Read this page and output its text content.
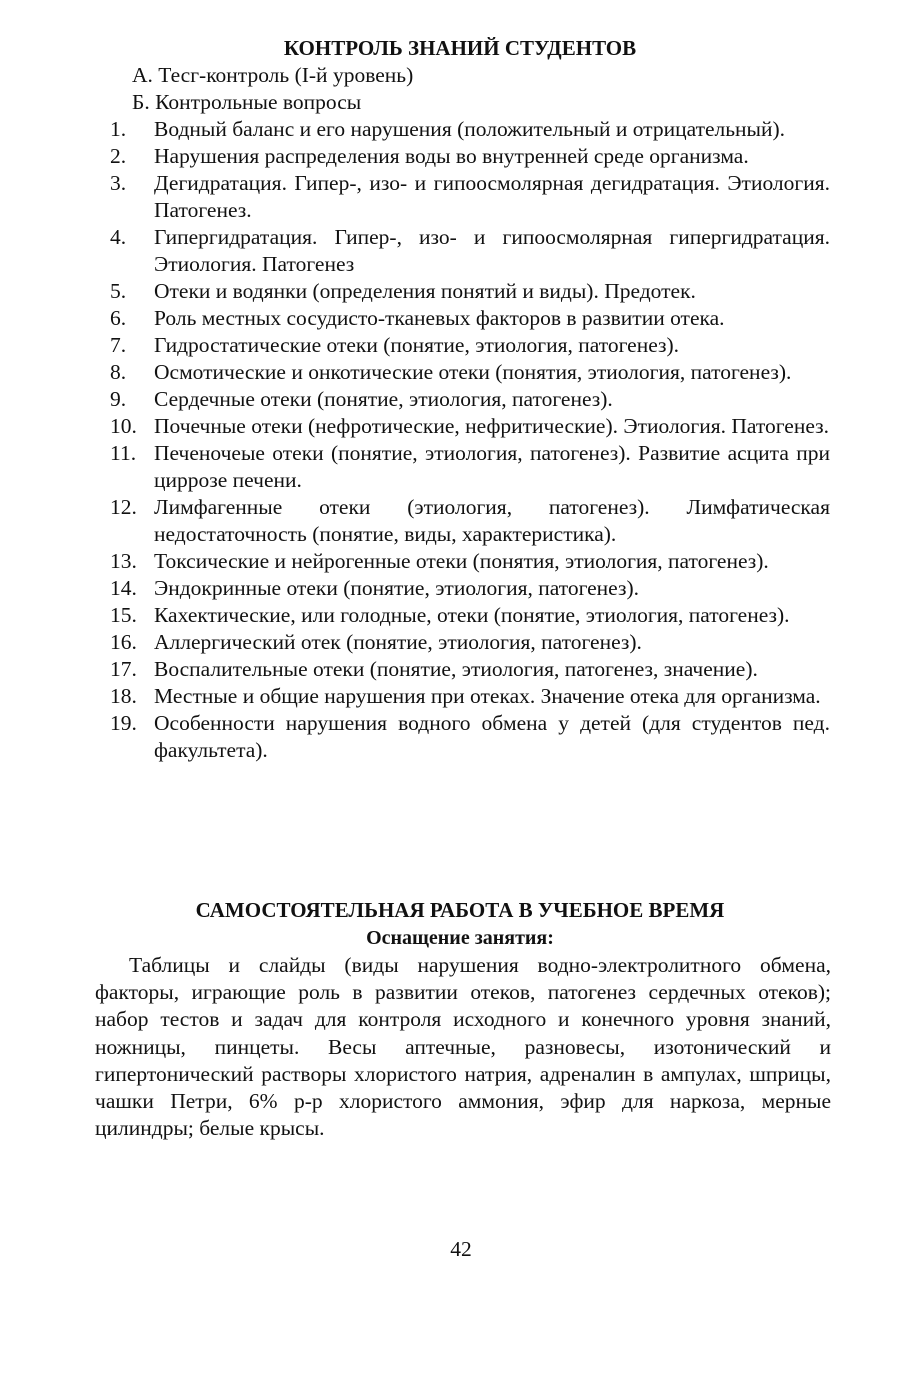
КОНТРОЛЬ ЗНАНИЙ СТУДЕНТОВ
А. Тесг-контроль (І-й уровень)
Б. Контрольные вопросы
1.	Водный баланс и его нарушения (положительный и отрицательный).
2.	Нарушения распределения воды во внутренней среде организма.
3.	Дегидратация. Гипер-, изо- и гипоосмолярная дегидратация. Этиология. Патогенез.
4.	Гипергидратация. Гипер-, изо- и гипоосмолярная гипергидратация. Этиология. Патогенез
5.	Отеки и водянки (определения понятий и виды). Предотек.
6.	Роль местных сосудисто-тканевых факторов в развитии отека.
7.	Гидростатические отеки (понятие, этиология, патогенез).
8.	Осмотические и онкотические отеки (понятия, этиология, патогенез).
9.	Сердечные отеки (понятие, этиология, патогенез).
10. Почечные отеки (нефротические, нефритические). Этиология. Патогенез.
11. Печеночеые отеки (понятие, этиология, патогенез). Развитие асцита при циррозе печени.
12. Лимфагенные отеки (этиология, патогенез). Лимфатическая недостаточность (понятие, виды, характеристика).
13. Токсические и нейрогенные отеки (понятия, этиология, патогенез).
14. Эндокринные отеки (понятие, этиология, патогенез).
15. Кахектические, или голодные, отеки (понятие, этиология, патогенез).
16. Аллергический отек (понятие, этиология, патогенез).
17. Воспалительные отеки (понятие, этиология, патогенез, значение).
18. Местные и общие нарушения при отеках. Значение отека для организма.
19. Особенности нарушения водного обмена у детей (для студентов пед. факультета).
САМОСТОЯТЕЛЬНАЯ РАБОТА В УЧЕБНОЕ ВРЕМЯ
Оснащение занятия:
Таблицы и слайды (виды нарушения водно-электролитного обмена, факторы, играющие роль в развитии отеков, патогенез сердечных отеков); набор тестов и задач для контроля исходного и конечного уровня знаний, ножницы, пинцеты. Весы аптечные, разновесы, изотонический и гипертонический растворы хлористого натрия, адреналин в ампулах, шприцы, чашки Петри, 6% р-р хлористого аммония, эфир для наркоза, мерные цилиндры; белые крысы.
42
